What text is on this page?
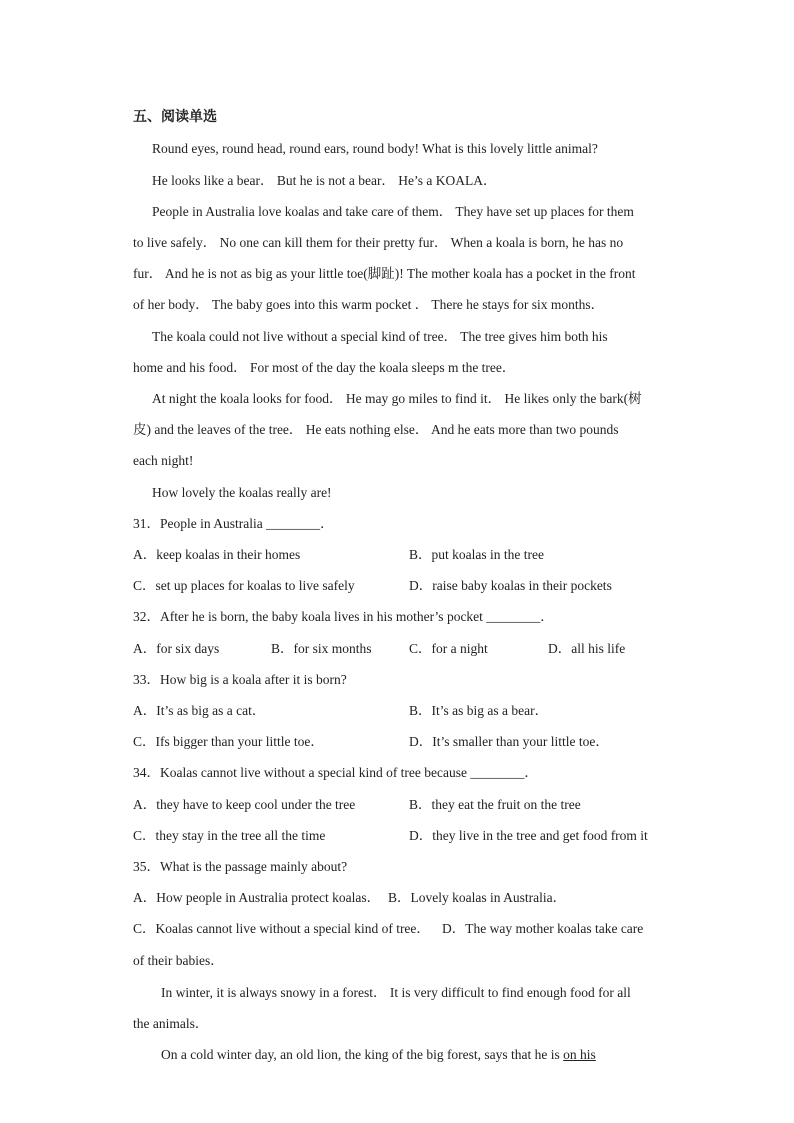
五、阅读单选
Round eyes, round head, round ears, round body! What is this lovely little animal?
He looks like a bear． But he is not a bear． He’s a KOALA．
People in Australia love koalas and take care of them． They have set up places for them
to live safely． No one can kill them for their pretty fur． When a koala is born, he has no
fur． And he is not as big as your little toe(脚趾)! The mother koala has a pocket in the front
of her body． The baby goes into this warm pocket ． There he stays for six months．
The koala could not live without a special kind of tree． The tree gives him both his
home and his food． For most of the day the koala sleeps m the tree．
At night the koala looks for food． He may go miles to find it． He likes only the bark(树
皮) and the leaves of the tree． He eats nothing else． And he eats more than two pounds
each night!
How lovely the koalas really are!
31．People in Australia ________．
A．keep koalas in their homes	B．put koalas in the tree
C．set up places for koalas to live safely	D．raise baby koalas in their pockets
32．After he is born, the baby koala lives in his mother’s pocket ________．
A．for six days	B．for six months	C．for a night	D．all his life
33．How big is a koala after it is born?
A．It’s as big as a cat．	B．It’s as big as a bear．
C．Ifs bigger than your little toe．	D．It’s smaller than your little toe．
34．Koalas cannot live without a special kind of tree because ________．
A．they have to keep cool under the tree	B．they eat the fruit on the tree
C．they stay in the tree all the time	D．they live in the tree and get food from it
35．What is the passage mainly about?
A．How people in Australia protect koalas． B．Lovely koalas in Australia．
C．Koalas cannot live without a special kind of tree． D．The way mother koalas take care
of their babies．
In winter, it is always snowy in a forest． It is very difficult to find enough food for all
the animals．
On a cold winter day, an old lion, the king of the big forest, says that he is on his
